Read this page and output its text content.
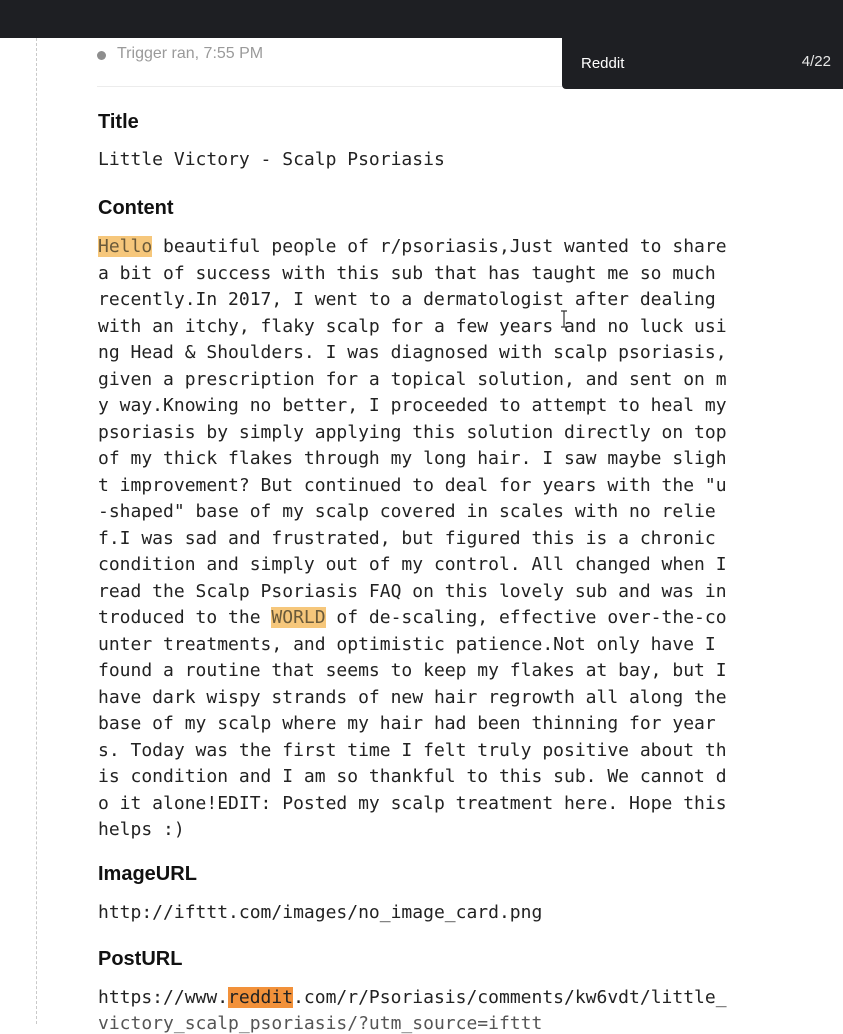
Trigger ran, 7:55 PM
Reddit	4/22
Title
Little Victory - Scalp Psoriasis
Content
Hello beautiful people of r/psoriasis,Just wanted to share
a bit of success with this sub that has taught me so much
recently.In 2017, I went to a dermatologist after dealing
with an itchy, flaky scalp for a few years and no luck usi
ng Head & Shoulders. I was diagnosed with scalp psoriasis,
given a prescription for a topical solution, and sent on m
y way.Knowing no better, I proceeded to attempt to heal my
psoriasis by simply applying this solution directly on top
of my thick flakes through my long hair. I saw maybe sligh
t improvement? But continued to deal for years with the "u
-shaped" base of my scalp covered in scales with no relie
f.I was sad and frustrated, but figured this is a chronic
condition and simply out of my control. All changed when I
read the Scalp Psoriasis FAQ on this lovely sub and was in
troduced to the WORLD of de-scaling, effective over-the-co
unter treatments, and optimistic patience.Not only have I
found a routine that seems to keep my flakes at bay, but I
have dark wispy strands of new hair regrowth all along the
base of my scalp where my hair had been thinning for year
s. Today was the first time I felt truly positive about th
is condition and I am so thankful to this sub. We cannot d
o it alone!EDIT: Posted my scalp treatment here. Hope this
helps :)
ImageURL
http://ifttt.com/images/no_image_card.png
PostURL
https://www.reddit.com/r/Psoriasis/comments/kw6vdt/little_
victory_scalp_psoriasis/?utm_source=ifttt
